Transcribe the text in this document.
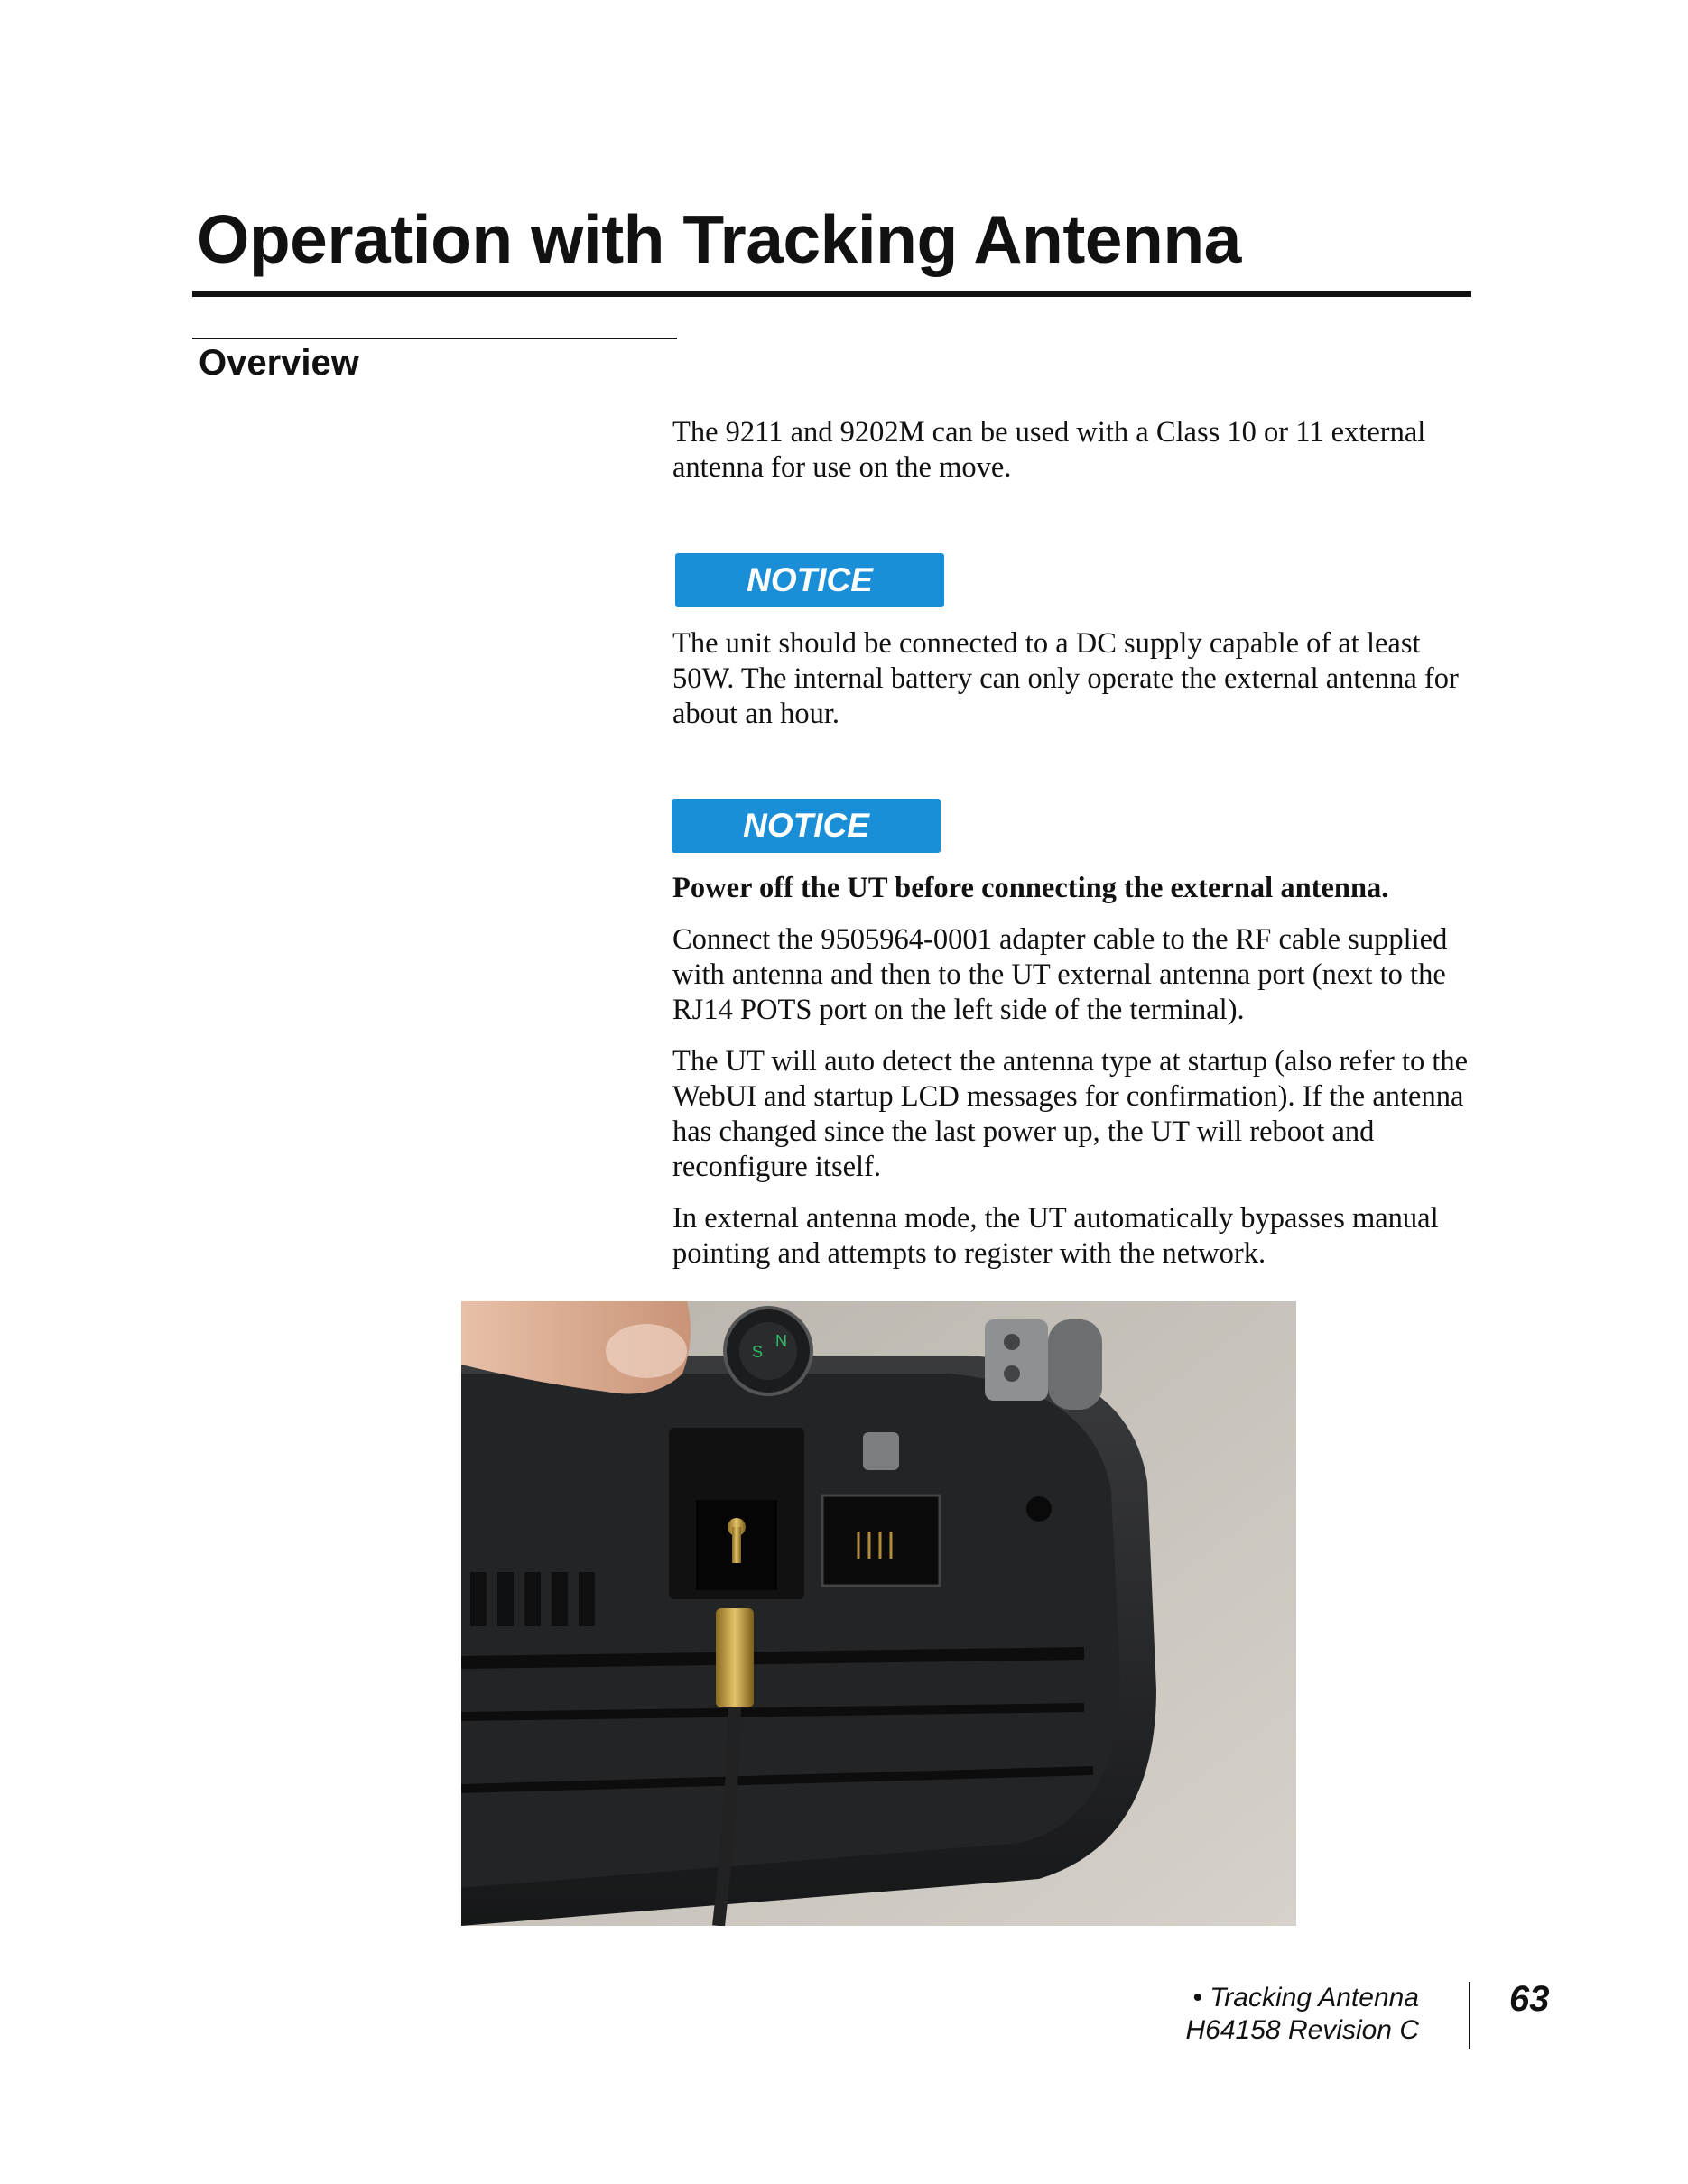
Operation with Tracking Antenna
Overview

The 9211 and 9202M can be used with a Class 10 or 11 external antenna for use on the move.

NOTICE

The unit should be connected to a DC supply capable of at least 50W. The internal battery can only operate the external antenna for about an hour.

NOTICE

Power off the UT before connecting the external antenna.

Connect the 9505964-0001 adapter cable to the RF cable supplied with antenna and then to the UT external antenna port (next to the RJ14 POTS port on the left side of the terminal).

The UT will auto detect the antenna type at startup (also refer to the WebUI and startup LCD messages for confirmation). If the antenna has changed since the last power up, the UT will reboot and reconfigure itself.

In external antenna mode, the UT automatically bypasses manual pointing and attempts to register with the network.

S
N
• Tracking Antenna
H64158 Revision C
63
